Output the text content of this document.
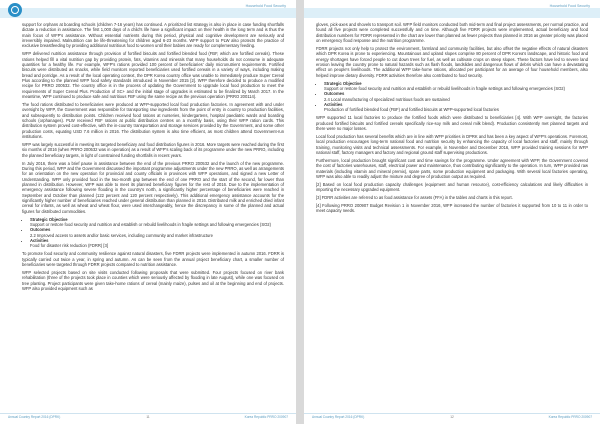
Household Food Security

support for orphans at boarding schools (children 7-16 years) has continued. A prioritized list strategy is also in place in case funding shortfalls dictate a reduction in assistance. The first 1,000 days of a child's life have a significant impact on their health in the long term and is thus the main focus of WFP's assistance. Without essential nutrients during this period, physical and cognitive development are seriously and irreversibly impaired. Malnutrition can be life-threatening for children aged 6-23 months. WFP support to PLW also protects the practice of exclusive breastfeeding by providing additional nutritious food to women until their babies are ready for complementary feeding.

WFP delivered nutrition assistance through provision of fortified biscuits and fortified blended food (FBF, which are fortified cereals). These rations helped fill a vital nutrition gap by providing protein, fats, vitamins and minerals that many households do not consume in adequate quantities for a healthy life. For example, WFP's rations provided 100 percent of beneficiaries' daily micronutrient requirements. Fortified biscuits were distributed as snacks, while field monitors reported beneficiaries used fortified cereals in a variety of ways, including making bread and porridge. As a result of the local operating context, the DPR Korea country office was unable to immediately produce Super Cereal Plus according to the planned WFP food safety standards introduced in November 2015 [2]. WFP therefore decided to produce a modified recipe for PRRO 200532. The country office is in the process of updating the Government to upgrade local food production to meet the requirements of Super Cereal Plus. Production of SC+ and the initial stage of upgrades is estimated to be finalized by March 2017. In the meantime, WFP continued to produce safe and nutritious FBF using the same recipe as the previous operation (PRRO 200114).

The food rations distributed to beneficiaries were produced at WFP-supported local food production factories. In agreement with and under oversight by WFP, the Government was responsible for transporting raw ingredients from the point of entry in country to production facilities, and subsequently to distribution points. Children received food rations at nurseries, kindergartens, hospital paediatric wards and boarding schools (orphanages). PLW received FBF rations at public distribution centres on a monthly basis, using their WFP ration cards. This distribution system proved cost-effective, with the in-country transportation and storage services provided by the Government, and some other production costs, equating USD 7.6 million in 2016. The distribution system is also time efficient, as most children attend Government-run institutions.

WFP was largely successful in meeting its targeted beneficiary and food distribution figures in 2016. More targets were reached during the first six months of 2016 (when PRRO 200532 was in operation) as a result of WFP's scaling back of its programme under the new PRRO, including the planned beneficiary targets, in light of constrained funding shortfalls in recent years.

In July 2016, there was a brief pause in assistance between the end of the previous PRRO 200532 and the launch of the new programme. During this period, WFP and the Government discussed the important programme adjustments under the new PRRO, as well as arrangements for an orientation on the new operation for provincial and county officials in provinces with WFP operations, and signed a new Letter of Understanding. WFP only provided food in the two-month gap between the end of one PRRO and the start of the second, far lower than planned in distribution. However, WFP was able to meet its planned beneficiary figures for the rest of 2016. Due to the implementation of emergency assistance following severe flooding in the country's north, a significantly higher percentage of beneficiaries were reached in September and October than planned (122 percent and 120 percent respectively). This additional emergency assistance accounts for the significantly higher number of beneficiaries reached under general distribution than planned in 2016. Distributed milk and enriched dried infant cereal for infants, as well as wheat and wheat flour, were used interchangeably, hence the discrepancy in some of the planned and actual figures for distributed commodities.

• Strategic Objective
Support or restore food security and nutrition and establish or rebuild livelihoods in fragile settings and following emergencies (SO2)
• Outcomes
2.2 Improved access to assets and/or basic services, including community and market infrastructure
• Activities
Food for disaster risk reduction (FDRR) [3]

To promote food security and community resilience against natural disasters, five FDRR projects were implemented in autumn 2016. FDRR is typically carried out twice a year, in spring and autumn. As can be seen from the annual project beneficiary chart, a smaller number of beneficiaries were targeted through FDRR projects compared to nutrition assistance.

WFP selected projects based on site visits conducted following proposals that were submitted. Four projects focused on river bank rehabilitation (three of the projects took place in counties which were seriously affected by flooding in late August), while one was focused on tree planting. Project participants were given take-home rations of cereal (mainly maize), pulses and oil at the beginning and end of projects. WFP also provided equipment such as

Annual Country Report 2016 (DPRK)	11	Korea Republic PRRO 200907
Household Food Security

gloves, pick-axes and shovels to transport soil. WFP field monitors conducted both mid-term and final project assessments, per normal practice, and found all five projects were completed successfully and on time. Although five FDRR projects were implemented, actual beneficiary and food distribution numbers for FDRR represented in the chart are lower than planned as fewer projects than planned in 2016 as greater priority was placed on emergency flood response and the nutrition programme.

FDRR projects not only help to protect the environment, farmland and community facilities, but also offset the negative effects of natural disasters which DPR Korea is prone to experiencing. Mountainous and upland slopes comprise 80 percent of DPR Korea's landscape, and historic food and energy shortages have forced people to cut down trees for fuel, as well as cultivate crops on steep slopes. These factors have led to severe land erosion leaving the country prone to natural hazards such as flash floods, landslides and dangerous flows of debris which can have a devastating effect on people's livelihoods. The additional WFP take-home rations, allocated per participant for an average of four household members, also helped improve dietary diversity. FDRR activities therefore also contributed to food security.

• Strategic Objective
Support or restore food security and nutrition and establish or rebuild livelihoods in fragile settings and following emergencies (SO2)
• Outcomes
2.4 Local manufacturing of specialized nutritious foods are sustained
• Activities
Production of fortified blended food (FBF) and fortified biscuits at WFP-supported local factories

WFP supported 11 local factories to produce the fortified foods which were distributed to beneficiaries [4]. With WFP oversight, the factories produced fortified biscuits and fortified cereals specifically rice-soy milk and cereal milk blend). Production consistently met planned targets and there were no major losses.

Local food production has several benefits which are in line with WFP priorities in DPRK and has been a key aspect of WFP's operations. Foremost, local production encourages long-term national food and nutrition security by enhancing the capacity of local factories and staff, mainly through training, monitoring visits and technical assessments. For example, in November and December 2016, WFP provided training sessions for WFP national staff, factory managers and factory and regional ground staff supervising productions.

Furthermore, local production brought significant cost and time savings for the programme. Under agreement with WFP, the Government covered the cost of factories warehouses, staff, electrical power and maintenance, thus contributing significantly to the operation. In turn, WFP provided raw materials (including vitamin and mineral premix), spare parts, some production equipment and packaging. With several local factories operating, WFP was also able to readily adjust the mixture and degree of production output as required.

[2] Based on local food production capacity challenges (equipment and human resource), cost-efficiency calculations and likely difficulties in importing the necessary upgraded equipment.

[3] FDRR activities are referred to as food assistance for assets (FFA) in the tables and charts in this report.

[4] Following PRRO 200907 Budget Revision 1 in November 2016, WFP increased the number of factories it supported from 10 to 11 in order to meet capacity needs.

Annual Country Report 2016 (DPRK)	12	Korea Republic PRRO 200907
